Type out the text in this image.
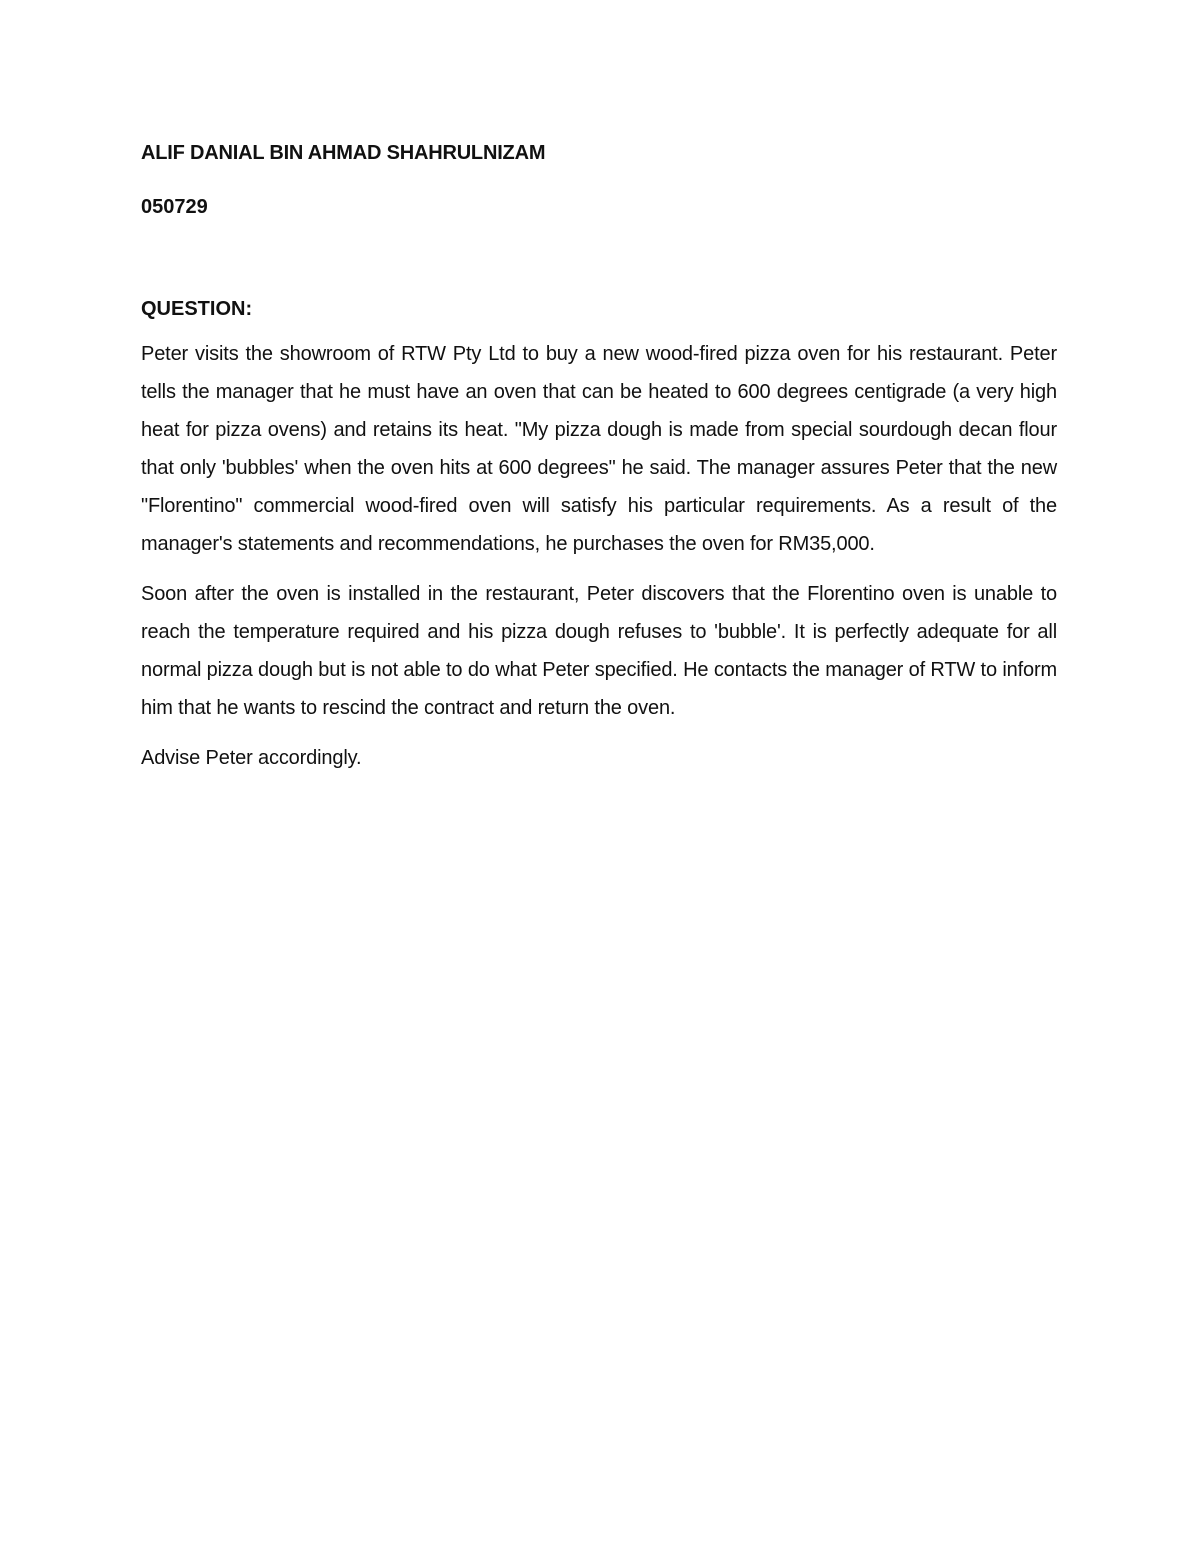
ALIF DANIAL BIN AHMAD SHAHRULNIZAM

050729

QUESTION:

Peter visits the showroom of RTW Pty Ltd to buy a new wood-fired pizza oven for his restaurant. Peter tells the manager that he must have an oven that can be heated to 600 degrees centigrade (a very high heat for pizza ovens) and retains its heat. "My pizza dough is made from special sourdough decan flour that only 'bubbles' when the oven hits at 600 degrees" he said. The manager assures Peter that the new "Florentino" commercial wood-fired oven will satisfy his particular requirements. As a result of the manager's statements and recommendations, he purchases the oven for RM35,000.

Soon after the oven is installed in the restaurant, Peter discovers that the Florentino oven is unable to reach the temperature required and his pizza dough refuses to 'bubble'. It is perfectly adequate for all normal pizza dough but is not able to do what Peter specified. He contacts the manager of RTW to inform him that he wants to rescind the contract and return the oven.

Advise Peter accordingly.
